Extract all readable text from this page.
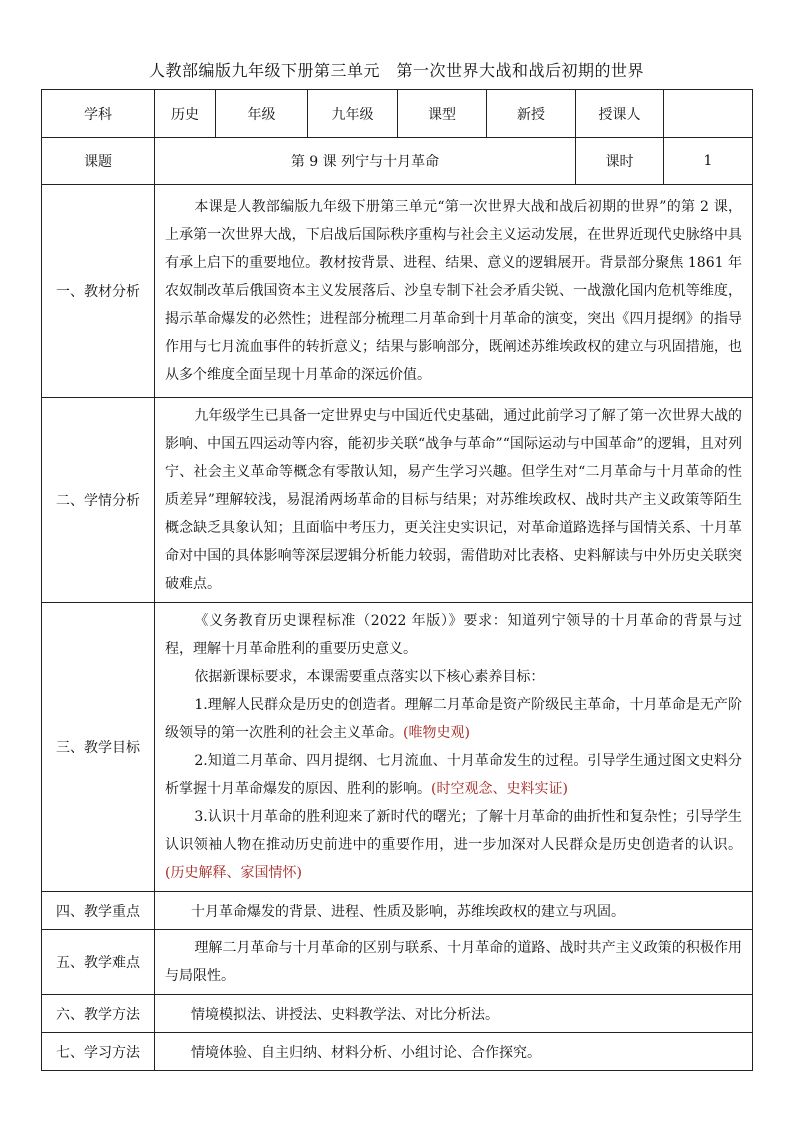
人教部编版九年级下册第三单元　第一次世界大战和战后初期的世界
学科	历史	年级	九年级	课型	新授	授课人	
课题	第 9 课 列宁与十月革命					课时	1
一、教材分析	本课是人教部编版九年级下册第三单元“第一次世界大战和战后初期的世界”的第 2 课，上承第一次世界大战，下启战后国际秩序重构与社会主义运动发展，在世界近现代史脉络中具有承上启下的重要地位。教材按背景、进程、结果、意义的逻辑展开。背景部分聚焦 1861 年农奴制改革后俄国资本主义发展落后、沙皇专制下社会矛盾尖锐、一战激化国内危机等维度，揭示革命爆发的必然性；进程部分梳理二月革命到十月革命的演变，突出《四月提纲》的指导作用与七月流血事件的转折意义；结果与影响部分，既阐述苏维埃政权的建立与巩固措施，也从多个维度全面呈现十月革命的深远价值。						

二、学情分析	九年级学生已具备一定世界史与中国近代史基础，通过此前学习了解了第一次世界大战的影响、中国五四运动等内容，能初步关联“战争与革命”“国际运动与中国革命”的逻辑，且对列宁、社会主义革命等概念有零散认知，易产生学习兴趣。但学生对“二月革命与十月革命的性质差异”理解较浅，易混淆两场革命的目标与结果；对苏维埃政权、战时共产主义政策等陌生概念缺乏具象认知；且面临中考压力，更关注史实识记，对革命道路选择与国情关系、十月革命对中国的具体影响等深层逻辑分析能力较弱，需借助对比表格、史料解读与中外历史关联突破难点。						

三、教学目标	《义务教育历史课程标准（2022 年版）》要求：知道列宁领导的十月革命的背景与过程，理解十月革命胜利的重要历史意义。

依据新课标要求，本课需要重点落实以下核心素养目标：

1.理解人民群众是历史的创造者。理解二月革命是资产阶级民主革命，十月革命是无产阶级领导的第一次胜利的社会主义革命。(唯物史观)

2.知道二月革命、四月提纲、七月流血、十月革命发生的过程。引导学生通过图文史料分析掌握十月革命爆发的原因、胜利的影响。(时空观念、史料实证)

3.认识十月革命的胜利迎来了新时代的曙光；了解十月革命的曲折性和复杂性；引导学生认识领袖人物在推动历史前进中的重要作用，进一步加深对人民群众是历史创造者的认识。(历史解释、家国情怀)						

四、教学重点	十月革命爆发的背景、进程、性质及影响，苏维埃政权的建立与巩固。						
五、教学难点	理解二月革命与十月革命的区别与联系、十月革命的道路、战时共产主义政策的积极作用与局限性。						

六、教学方法	情境模拟法、讲授法、史料教学法、对比分析法。						
七、学习方法	情境体验、自主归纳、材料分析、小组讨论、合作探究。						
